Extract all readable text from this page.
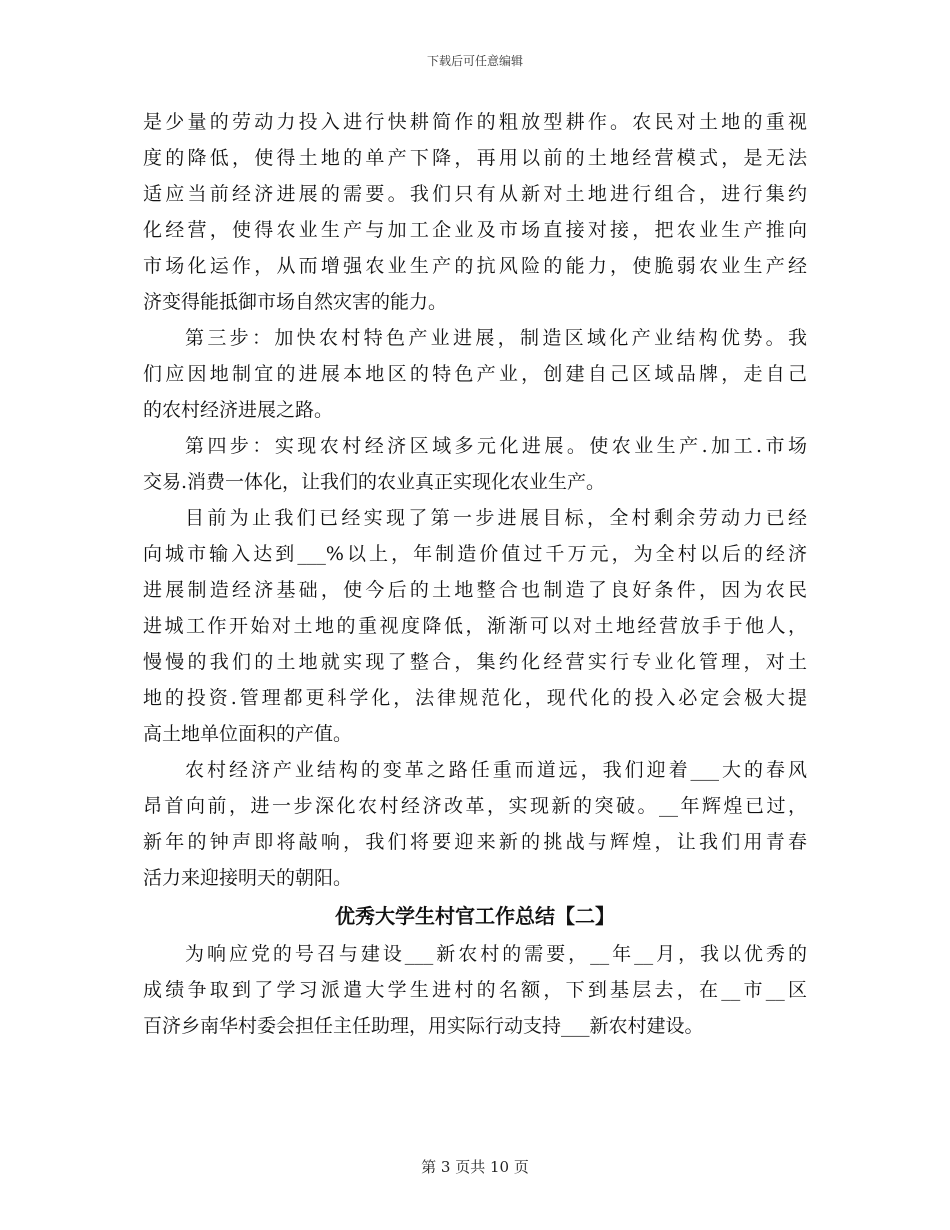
下载后可任意编辑
是少量的劳动力投入进行快耕简作的粗放型耕作。农民对土地的重视
度的降低，使得土地的单产下降，再用以前的土地经营模式，是无法
适应当前经济进展的需要。我们只有从新对土地进行组合，进行集约
化经营，使得农业生产与加工企业及市场直接对接，把农业生产推向
市场化运作，从而增强农业生产的抗风险的能力，使脆弱农业生产经
济变得能抵御市场自然灾害的能力。
第三步：加快农村特色产业进展，制造区域化产业结构优势。我
们应因地制宜的进展本地区的特色产业，创建自己区域品牌，走自己
的农村经济进展之路。
第四步：实现农村经济区域多元化进展。使农业生产.加工.市场
交易.消费一体化，让我们的农业真正实现化农业生产。
目前为止我们已经实现了第一步进展目标，全村剩余劳动力已经
向城市输入达到___%以上，年制造价值过千万元，为全村以后的经济
进展制造经济基础，使今后的土地整合也制造了良好条件，因为农民
进城工作开始对土地的重视度降低，渐渐可以对土地经营放手于他人，
慢慢的我们的土地就实现了整合，集约化经营实行专业化管理，对土
地的投资.管理都更科学化，法律规范化，现代化的投入必定会极大提
高土地单位面积的产值。
农村经济产业结构的变革之路任重而道远，我们迎着___大的春风
昂首向前，进一步深化农村经济改革，实现新的突破。__年辉煌已过，
新年的钟声即将敲响，我们将要迎来新的挑战与辉煌，让我们用青春
活力来迎接明天的朝阳。
优秀大学生村官工作总结【二】
为响应党的号召与建设___新农村的需要，__年__月，我以优秀的
成绩争取到了学习派遣大学生进村的名额，下到基层去，在__市__区
百济乡南华村委会担任主任助理，用实际行动支持___新农村建设。
第 3 页共 10 页
